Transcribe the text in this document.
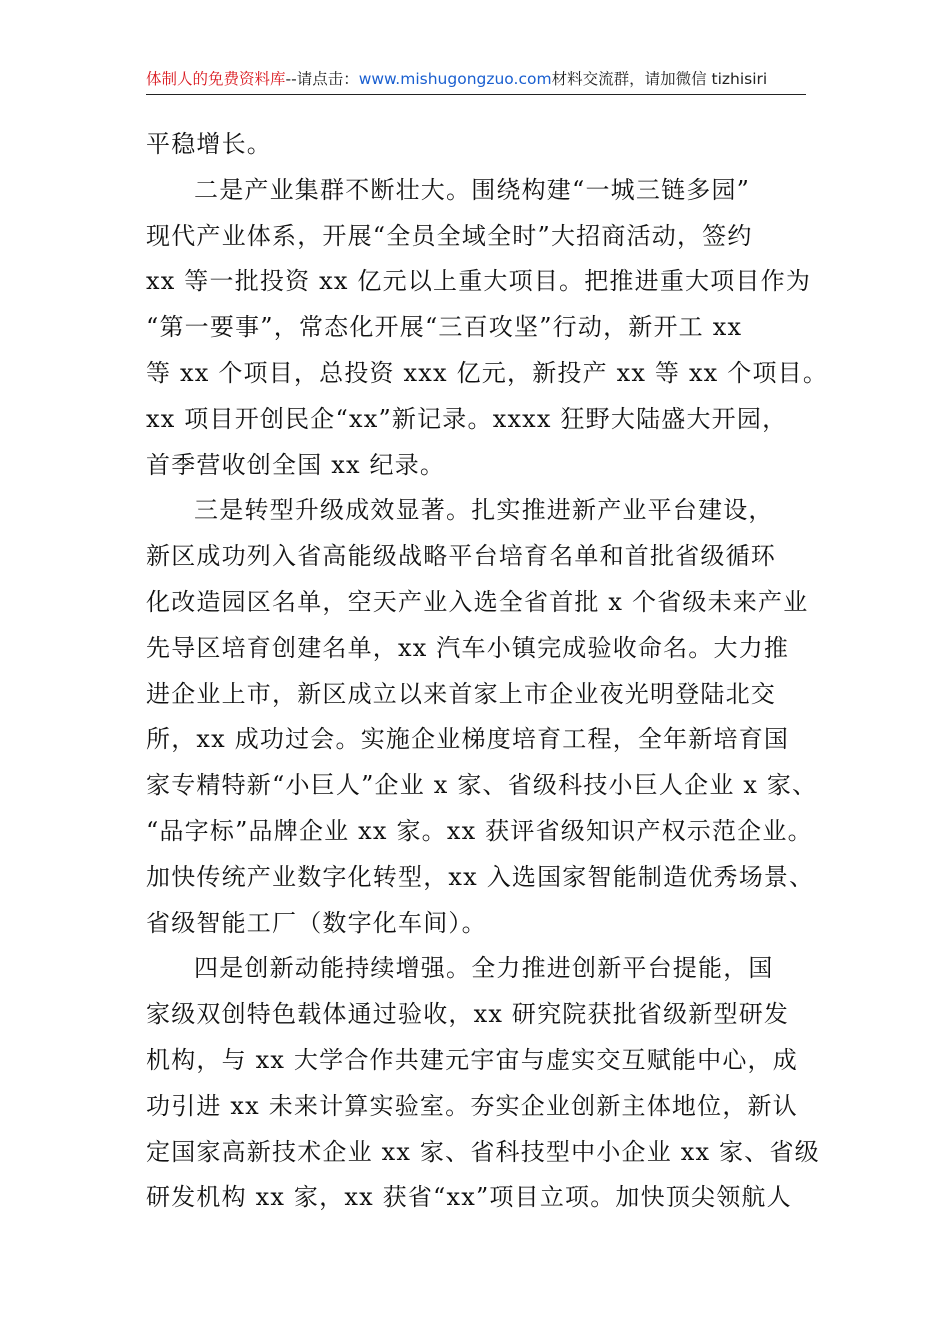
体制人的免费资料库--请点击：www.mishugongzuo.com材料交流群，请加微信 tizhisiri
平稳增长。
二是产业集群不断壮大。围绕构建“一城三链多园”
现代产业体系，开展“全员全域全时”大招商活动，签约
xx 等一批投资 xx 亿元以上重大项目。把推进重大项目作为
“第一要事”，常态化开展“三百攻坚”行动，新开工 xx
等 xx 个项目，总投资 xxx 亿元，新投产 xx 等 xx 个项目。
xx 项目开创民企“xx”新记录。xxxx 狂野大陆盛大开园，
首季营收创全国 xx 纪录。
三是转型升级成效显著。扎实推进新产业平台建设，
新区成功列入省高能级战略平台培育名单和首批省级循环
化改造园区名单，空天产业入选全省首批 x 个省级未来产业
先导区培育创建名单，xx 汽车小镇完成验收命名。大力推
进企业上市，新区成立以来首家上市企业夜光明登陆北交
所，xx 成功过会。实施企业梯度培育工程，全年新培育国
家专精特新“小巨人”企业 x 家、省级科技小巨人企业 x 家、
“品字标”品牌企业 xx 家。xx 获评省级知识产权示范企业。
加快传统产业数字化转型，xx 入选国家智能制造优秀场景、
省级智能工厂（数字化车间）。
四是创新动能持续增强。全力推进创新平台提能，国
家级双创特色载体通过验收，xx 研究院获批省级新型研发
机构，与 xx 大学合作共建元宇宙与虚实交互赋能中心，成
功引进 xx 未来计算实验室。夯实企业创新主体地位，新认
定国家高新技术企业 xx 家、省科技型中小企业 xx 家、省级
研发机构 xx 家，xx 获省“xx”项目立项。加快顶尖领航人
